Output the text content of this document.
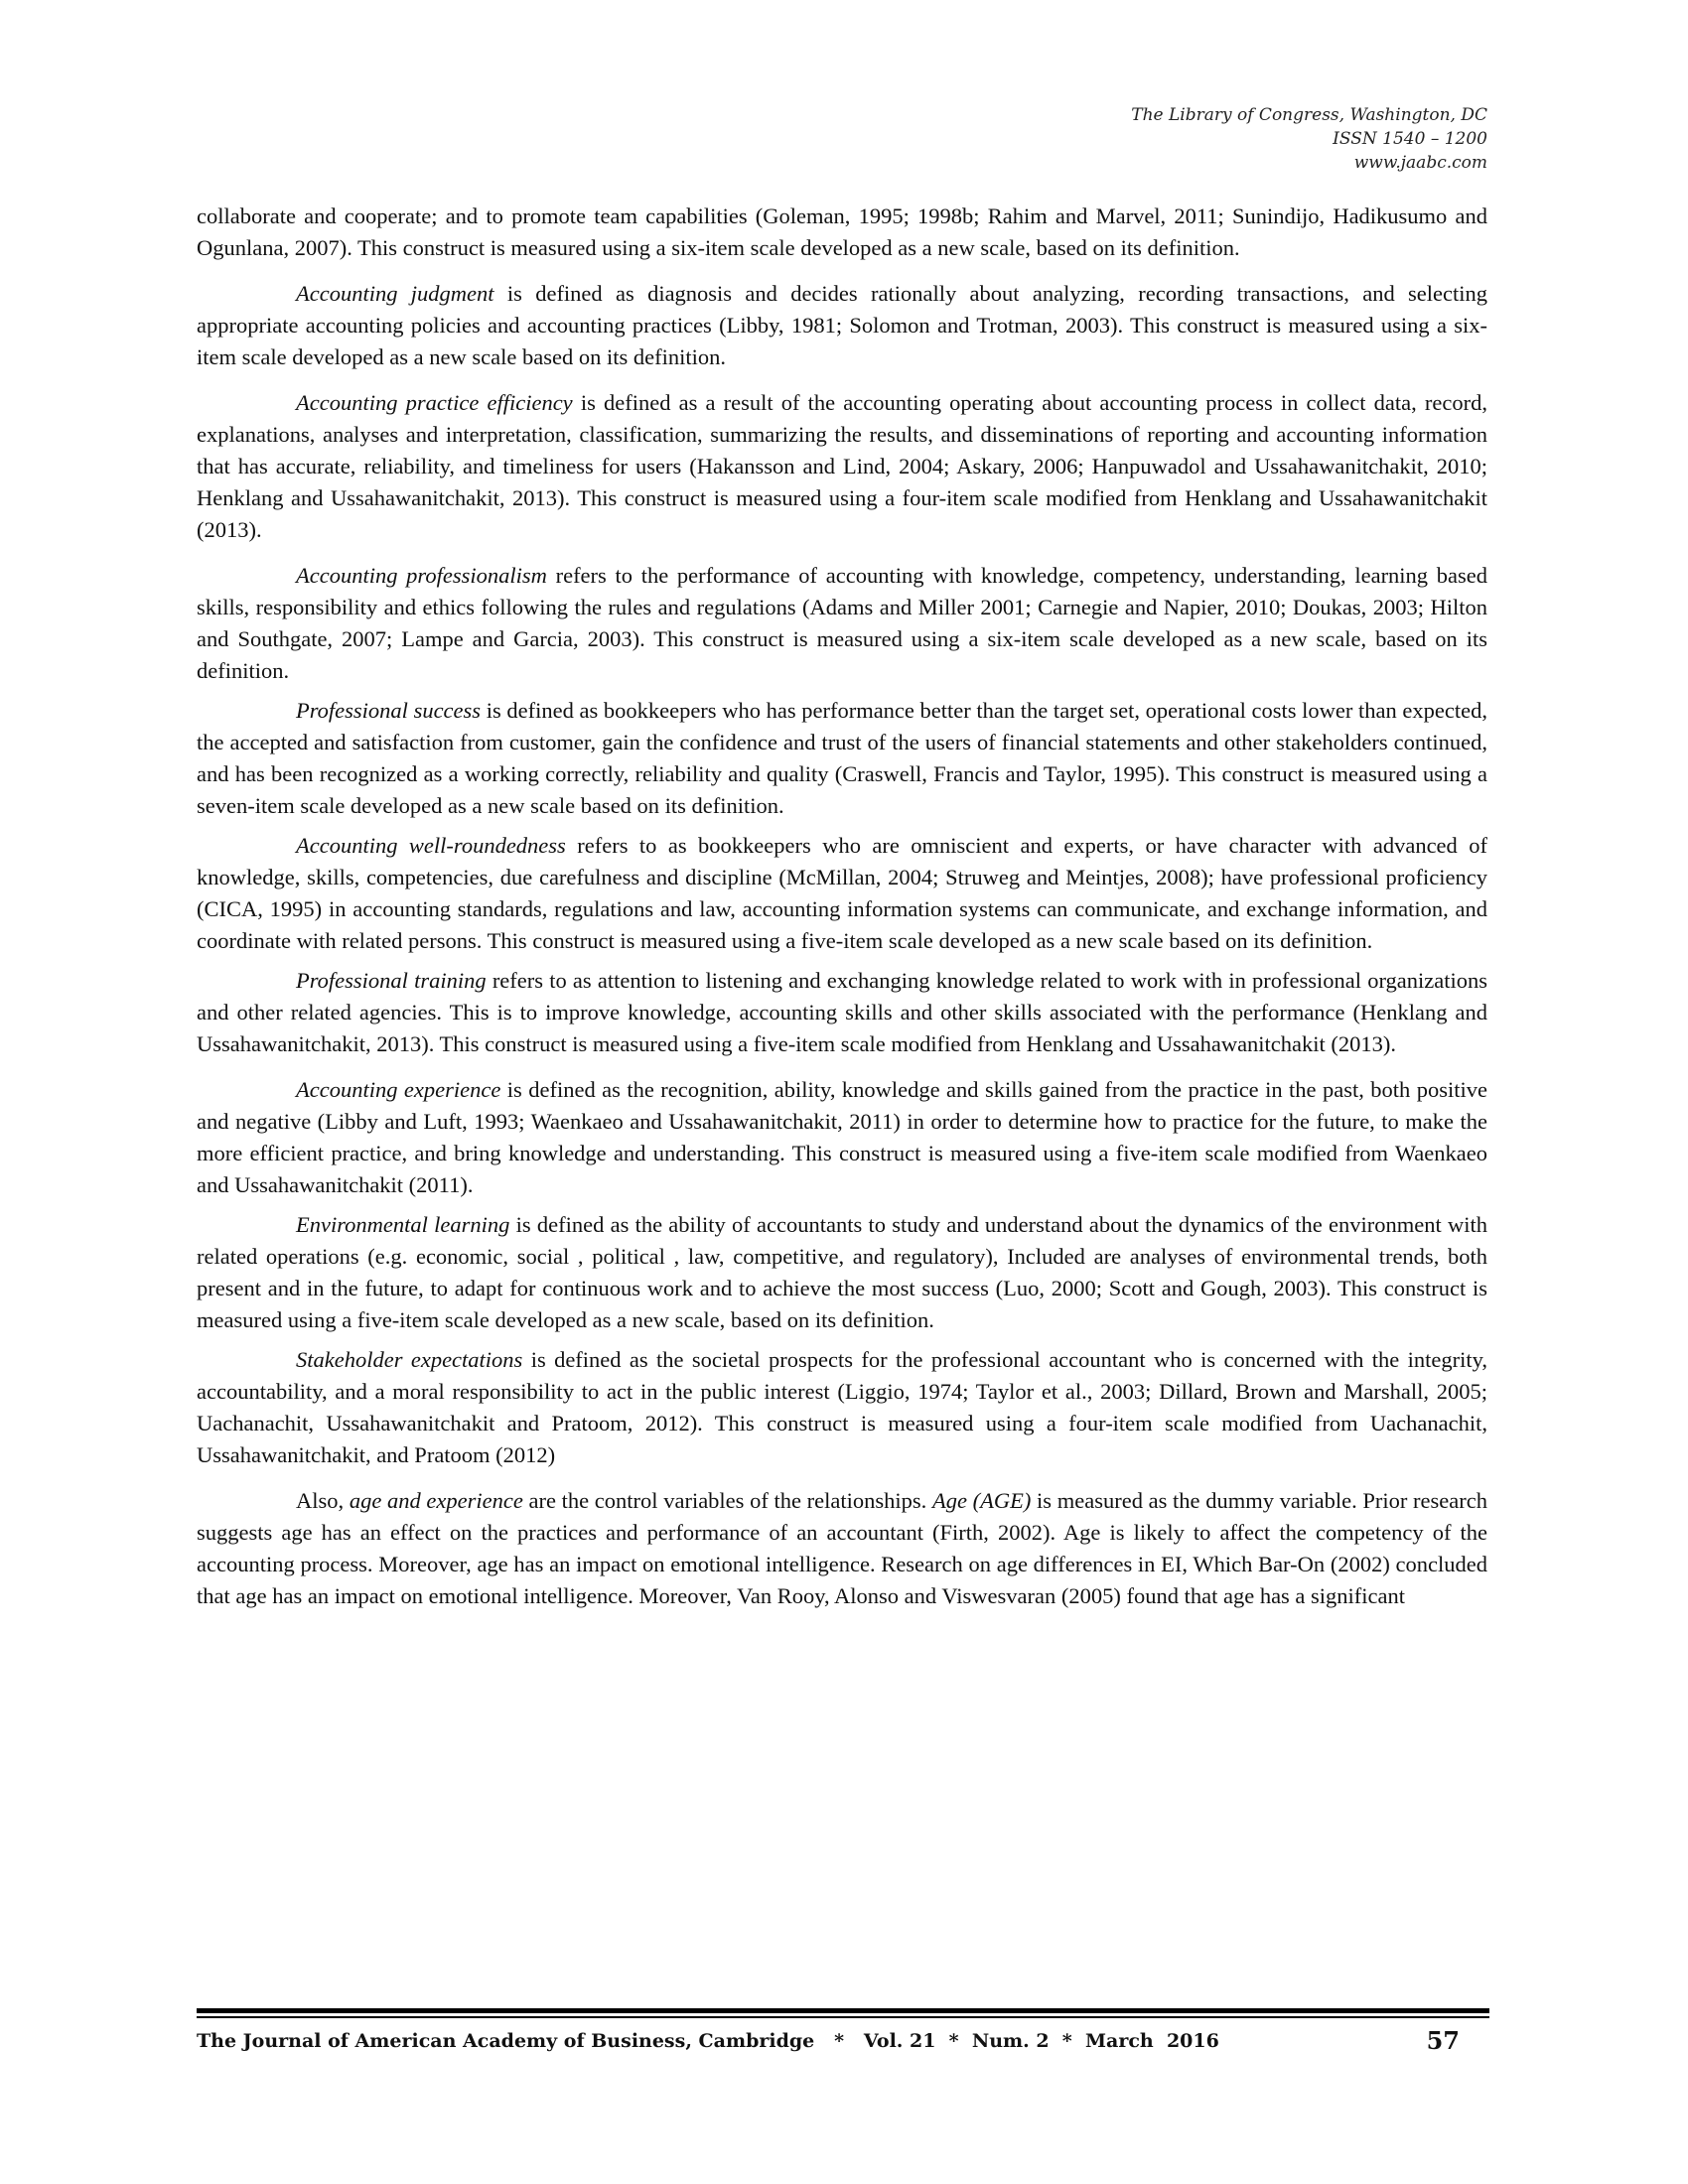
The Library of Congress, Washington, DC
ISSN 1540 – 1200
www.jaabc.com

collaborate and cooperate; and to promote team capabilities (Goleman, 1995; 1998b; Rahim and Marvel, 2011; Sunindijo, Hadikusumo and Ogunlana, 2007). This construct is measured using a six-item scale developed as a new scale, based on its definition.

Accounting judgment is defined as diagnosis and decides rationally about analyzing, recording transactions, and selecting appropriate accounting policies and accounting practices (Libby, 1981; Solomon and Trotman, 2003). This construct is measured using a six-item scale developed as a new scale based on its definition.

Accounting practice efficiency is defined as a result of the accounting operating about accounting process in collect data, record, explanations, analyses and interpretation, classification, summarizing the results, and disseminations of reporting and accounting information that has accurate, reliability, and timeliness for users (Hakansson and Lind, 2004; Askary, 2006; Hanpuwadol and Ussahawanitchakit, 2010; Henklang and Ussahawanitchakit, 2013). This construct is measured using a four-item scale modified from Henklang and Ussahawanitchakit (2013).

Accounting professionalism refers to the performance of accounting with knowledge, competency, understanding, learning based skills, responsibility and ethics following the rules and regulations (Adams and Miller 2001; Carnegie and Napier, 2010; Doukas, 2003; Hilton and Southgate, 2007; Lampe and Garcia, 2003). This construct is measured using a six-item scale developed as a new scale, based on its definition.

Professional success is defined as bookkeepers who has performance better than the target set, operational costs lower than expected, the accepted and satisfaction from customer, gain the confidence and trust of the users of financial statements and other stakeholders continued, and has been recognized as a working correctly, reliability and quality (Craswell, Francis and Taylor, 1995). This construct is measured using a seven-item scale developed as a new scale based on its definition.

Accounting well-roundedness refers to as bookkeepers who are omniscient and experts, or have character with advanced of knowledge, skills, competencies, due carefulness and discipline (McMillan, 2004; Struweg and Meintjes, 2008); have professional proficiency (CICA, 1995) in accounting standards, regulations and law, accounting information systems can communicate, and exchange information, and coordinate with related persons. This construct is measured using a five-item scale developed as a new scale based on its definition.

Professional training refers to as attention to listening and exchanging knowledge related to work with in professional organizations and other related agencies. This is to improve knowledge, accounting skills and other skills associated with the performance (Henklang and Ussahawanitchakit, 2013). This construct is measured using a five-item scale modified from Henklang and Ussahawanitchakit (2013).

Accounting experience is defined as the recognition, ability, knowledge and skills gained from the practice in the past, both positive and negative (Libby and Luft, 1993; Waenkaeo and Ussahawanitchakit, 2011) in order to determine how to practice for the future, to make the more efficient practice, and bring knowledge and understanding. This construct is measured using a five-item scale modified from Waenkaeo and Ussahawanitchakit (2011).

Environmental learning is defined as the ability of accountants to study and understand about the dynamics of the environment with related operations (e.g. economic, social , political , law, competitive, and regulatory), Included are analyses of environmental trends, both present and in the future, to adapt for continuous work and to achieve the most success (Luo, 2000; Scott and Gough, 2003). This construct is measured using a five-item scale developed as a new scale, based on its definition.

Stakeholder expectations is defined as the societal prospects for the professional accountant who is concerned with the integrity, accountability, and a moral responsibility to act in the public interest (Liggio, 1974; Taylor et al., 2003; Dillard, Brown and Marshall, 2005; Uachanachit, Ussahawanitchakit and Pratoom, 2012). This construct is measured using a four-item scale modified from Uachanachit, Ussahawanitchakit, and Pratoom (2012)

Also, age and experience are the control variables of the relationships. Age (AGE) is measured as the dummy variable. Prior research suggests age has an effect on the practices and performance of an accountant (Firth, 2002). Age is likely to affect the competency of the accounting process. Moreover, age has an impact on emotional intelligence. Research on age differences in EI, Which Bar-On (2002) concluded that age has an impact on emotional intelligence. Moreover, Van Rooy, Alonso and Viswesvaran (2005) found that age has a significant

The Journal of American Academy of Business, Cambridge   *   Vol. 21  *  Num. 2  *  March  2016	57
